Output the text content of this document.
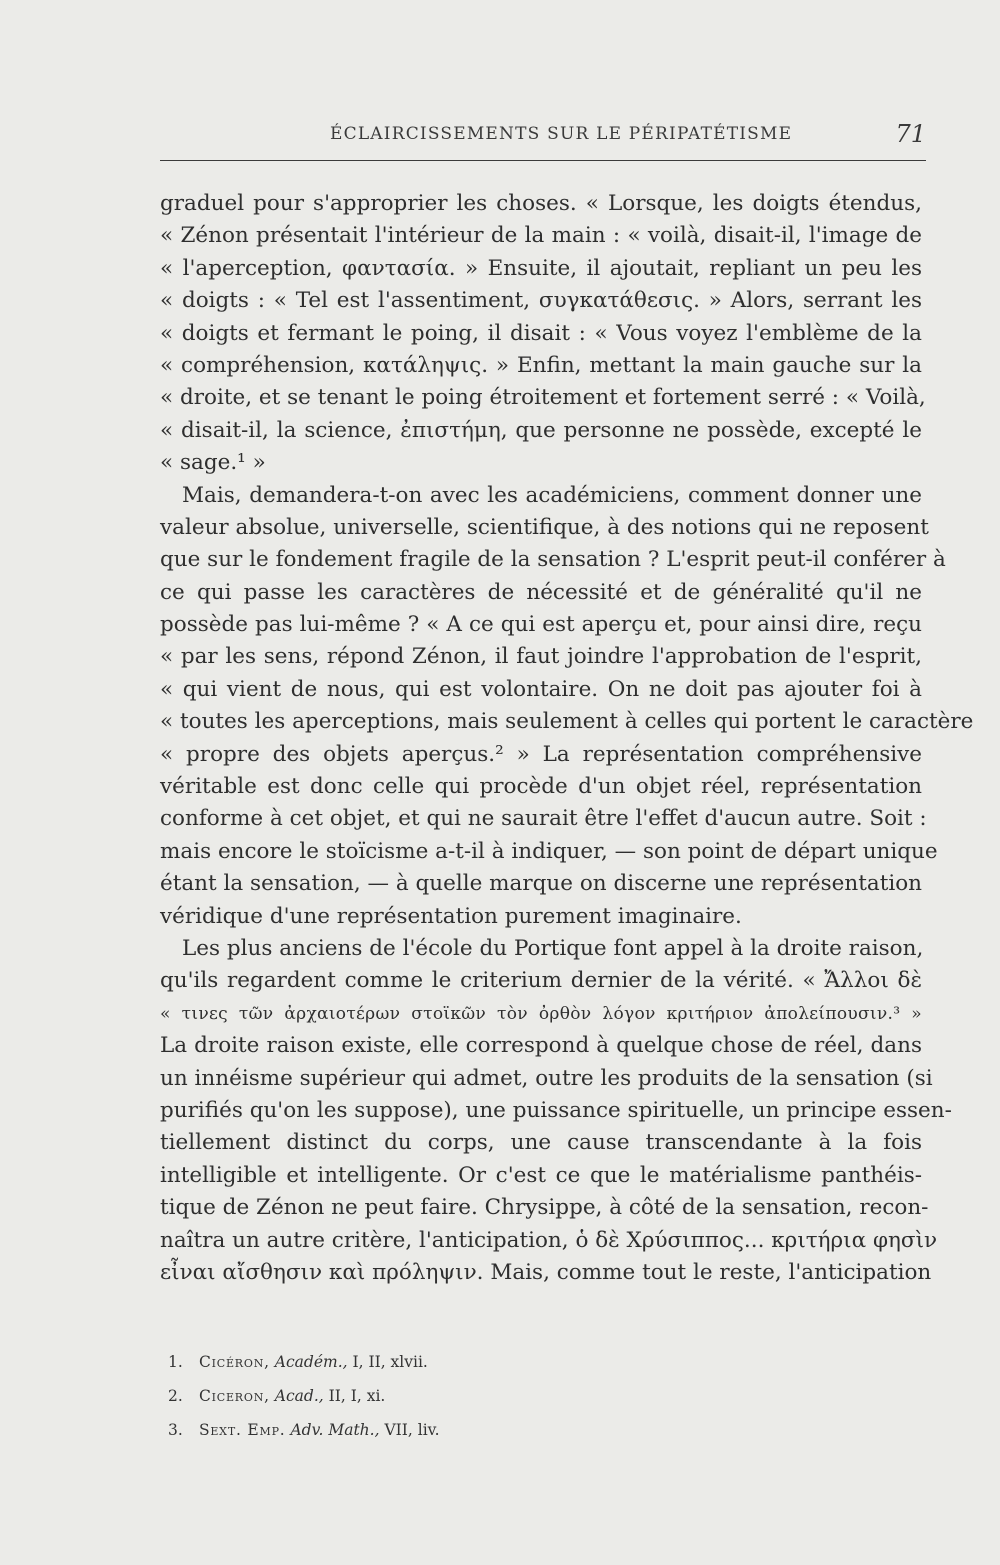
ÉCLAIRCISSEMENTS SUR LE PÉRIPATÉTISME	71
graduel pour s'approprier les choses. « Lorsque, les doigts étendus,
« Zénon présentait l'intérieur de la main : « voilà, disait-il, l'image de
« l'aperception, φαντασία. » Ensuite, il ajoutait, repliant un peu les
« doigts : « Tel est l'assentiment, συγκατάθεσις. » Alors, serrant les
« doigts et fermant le poing, il disait : « Vous voyez l'emblème de la
« compréhension, κατάληψις. » Enfin, mettant la main gauche sur la
« droite, et se tenant le poing étroitement et fortement serré : « Voilà,
« disait-il, la science, ἐπιστήμη, que personne ne possède, excepté le
« sage.¹ »
Mais, demandera-t-on avec les académiciens, comment donner une
valeur absolue, universelle, scientifique, à des notions qui ne reposent
que sur le fondement fragile de la sensation ? L'esprit peut-il conférer à
ce qui passe les caractères de nécessité et de généralité qu'il ne
possède pas lui-même ? « A ce qui est aperçu et, pour ainsi dire, reçu
« par les sens, répond Zénon, il faut joindre l'approbation de l'esprit,
« qui vient de nous, qui est volontaire. On ne doit pas ajouter foi à
« toutes les aperceptions, mais seulement à celles qui portent le caractère
« propre des objets aperçus.² » La représentation compréhensive
véritable est donc celle qui procède d'un objet réel, représentation
conforme à cet objet, et qui ne saurait être l'effet d'aucun autre. Soit :
mais encore le stoïcisme a-t-il à indiquer, — son point de départ unique
étant la sensation, — à quelle marque on discerne une représentation
véridique d'une représentation purement imaginaire.
Les plus anciens de l'école du Portique font appel à la droite raison,
qu'ils regardent comme le criterium dernier de la vérité. « Ἄλλοι δὲ
« τινες τῶν ἀρχαιοτέρων στοϊκῶν τὸν ὀρθὸν λόγον κριτήριον ἀπολείπουσιν.³ »
La droite raison existe, elle correspond à quelque chose de réel, dans
un innéisme supérieur qui admet, outre les produits de la sensation (si
purifiés qu'on les suppose), une puissance spirituelle, un principe essen-
tiellement distinct du corps, une cause transcendante à la fois
intelligible et intelligente. Or c'est ce que le matérialisme panthéis-
tique de Zénon ne peut faire. Chrysippe, à côté de la sensation, recon-
naîtra un autre critère, l'anticipation, ὁ δὲ Χρύσιππος... κριτήρια φησὶν
εἶναι αἴσθησιν καὶ πρόληψιν. Mais, comme tout le reste, l'anticipation
1. Cicéron, Académ., I, II, xlvii.
2. Ciceron, Acad., II, I, xi.
3. Sext. Emp. Adv. Math., VII, liv.
